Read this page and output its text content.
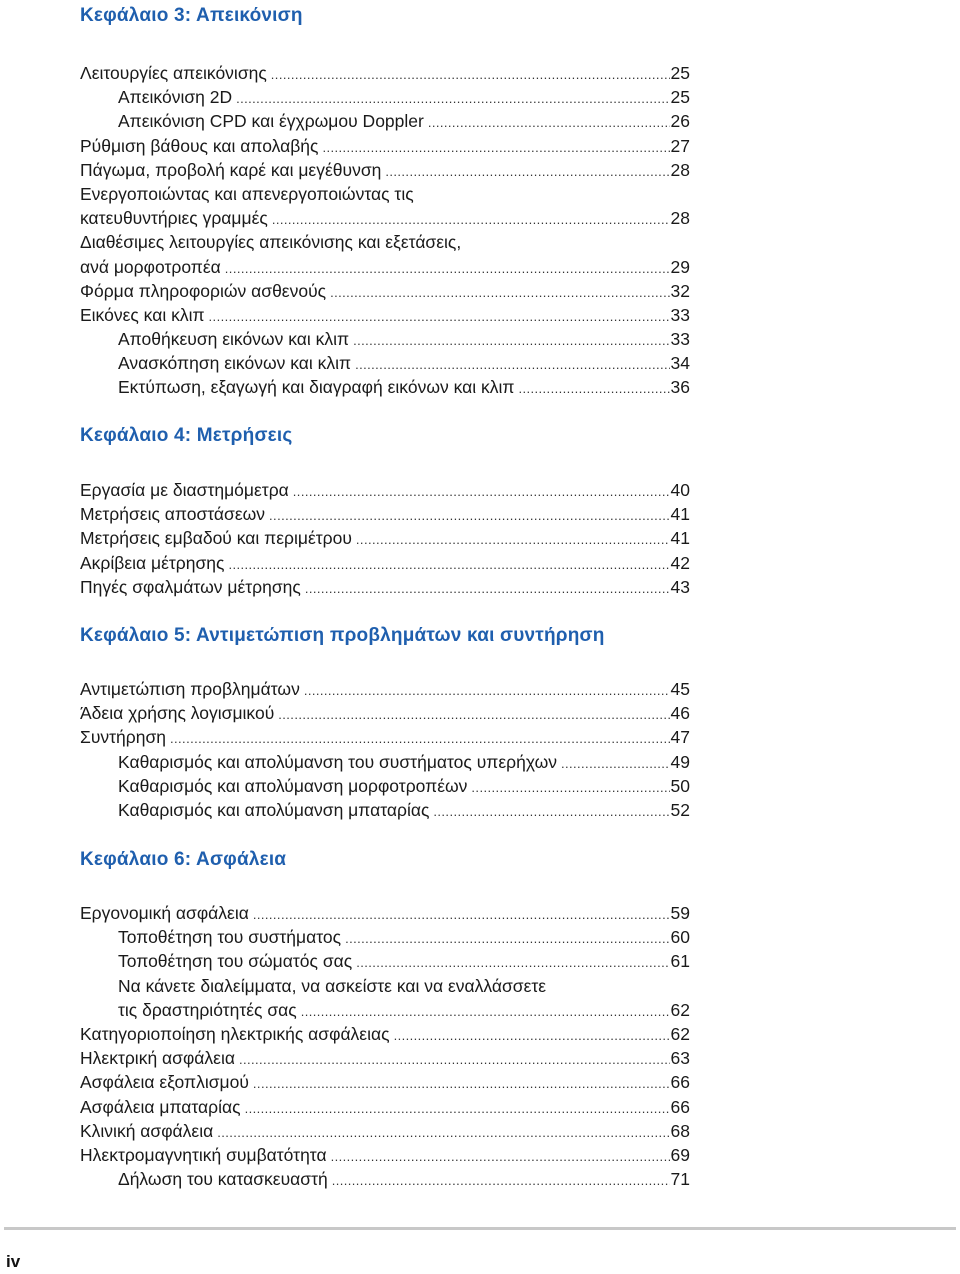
Κεφάλαιο 3: Απεικόνιση
Λειτουργίες απεικόνισης .....	25
Απεικόνιση 2D .....	25
Απεικόνιση CPD και έγχρωμου Doppler .....	26
Ρύθμιση βάθους και απολαβής .....	27
Πάγωμα, προβολή καρέ και μεγέθυνση .....	28
Ενεργοποιώντας και απενεργοποιώντας τις
κατευθυντήριες γραμμές .....	28
Διαθέσιμες λειτουργίες απεικόνισης και εξετάσεις,
ανά μορφοτροπέα .....	29
Φόρμα πληροφοριών ασθενούς .....	32
Εικόνες και κλιπ .....	33
Αποθήκευση εικόνων και κλιπ .....	33
Ανασκόπηση εικόνων και κλιπ .....	34
Εκτύπωση, εξαγωγή και διαγραφή εικόνων και κλιπ .....	36
Κεφάλαιο 4: Μετρήσεις
Εργασία με διαστημόμετρα .....	40
Μετρήσεις αποστάσεων .....	41
Μετρήσεις εμβαδού και περιμέτρου .....	41
Ακρίβεια μέτρησης .....	42
Πηγές σφαλμάτων μέτρησης .....	43
Κεφάλαιο 5: Αντιμετώπιση προβλημάτων και συντήρηση
Αντιμετώπιση προβλημάτων .....	45
Άδεια χρήσης λογισμικού .....	46
Συντήρηση .....	47
Καθαρισμός και απολύμανση του συστήματος υπερήχων .....	49
Καθαρισμός και απολύμανση μορφοτροπέων .....	50
Καθαρισμός και απολύμανση μπαταρίας .....	52
Κεφάλαιο 6: Ασφάλεια
Εργονομική ασφάλεια .....	59
Τοποθέτηση του συστήματος .....	60
Τοποθέτηση του σώματός σας .....	61
Να κάνετε διαλείμματα, να ασκείστε και να εναλλάσσετε
τις δραστηριότητές σας .....	62
Κατηγοριοποίηση ηλεκτρικής ασφάλειας .....	62
Ηλεκτρική ασφάλεια .....	63
Ασφάλεια εξοπλισμού .....	66
Ασφάλεια μπαταρίας .....	66
Κλινική ασφάλεια .....	68
Ηλεκτρομαγνητική συμβατότητα .....	69
Δήλωση του κατασκευαστή .....	71
iv
